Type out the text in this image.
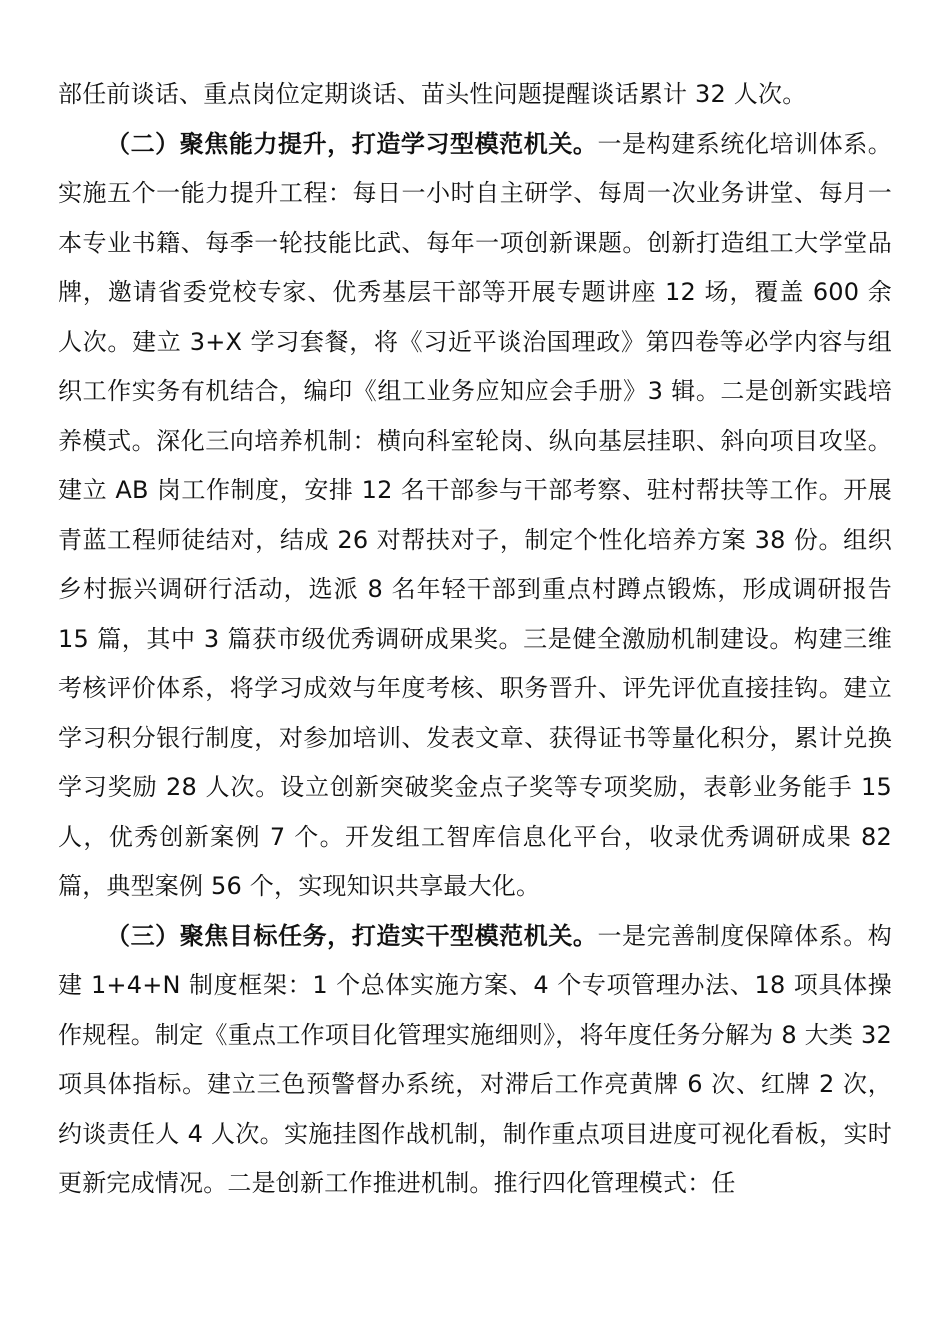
部任前谈话、重点岗位定期谈话、苗头性问题提醒谈话累计 32 人次。

（二）聚焦能力提升，打造学习型模范机关。一是构建系统化培训体系。实施五个一能力提升工程：每日一小时自主研学、每周一次业务讲堂、每月一本专业书籍、每季一轮技能比武、每年一项创新课题。创新打造组工大学堂品牌，邀请省委党校专家、优秀基层干部等开展专题讲座 12 场，覆盖 600 余人次。建立 3+X 学习套餐，将《习近平谈治国理政》第四卷等必学内容与组织工作实务有机结合，编印《组工业务应知应会手册》3 辑。二是创新实践培养模式。深化三向培养机制：横向科室轮岗、纵向基层挂职、斜向项目攻坚。建立 AB 岗工作制度，安排 12 名干部参与干部考察、驻村帮扶等工作。开展青蓝工程师徒结对，结成 26 对帮扶对子，制定个性化培养方案 38 份。组织乡村振兴调研行活动，选派 8 名年轻干部到重点村蹲点锻炼，形成调研报告 15 篇，其中 3 篇获市级优秀调研成果奖。三是健全激励机制建设。构建三维考核评价体系，将学习成效与年度考核、职务晋升、评先评优直接挂钩。建立学习积分银行制度，对参加培训、发表文章、获得证书等量化积分，累计兑换学习奖励 28 人次。设立创新突破奖金点子奖等专项奖励，表彰业务能手 15 人，优秀创新案例 7 个。开发组工智库信息化平台，收录优秀调研成果 82 篇，典型案例 56 个，实现知识共享最大化。

（三）聚焦目标任务，打造实干型模范机关。一是完善制度保障体系。构建 1+4+N 制度框架：1 个总体实施方案、4 个专项管理办法、18 项具体操作规程。制定《重点工作项目化管理实施细则》，将年度任务分解为 8 大类 32 项具体指标。建立三色预警督办系统，对滞后工作亮黄牌 6 次、红牌 2 次，约谈责任人 4 人次。实施挂图作战机制，制作重点项目进度可视化看板，实时更新完成情况。二是创新工作推进机制。推行四化管理模式：任
